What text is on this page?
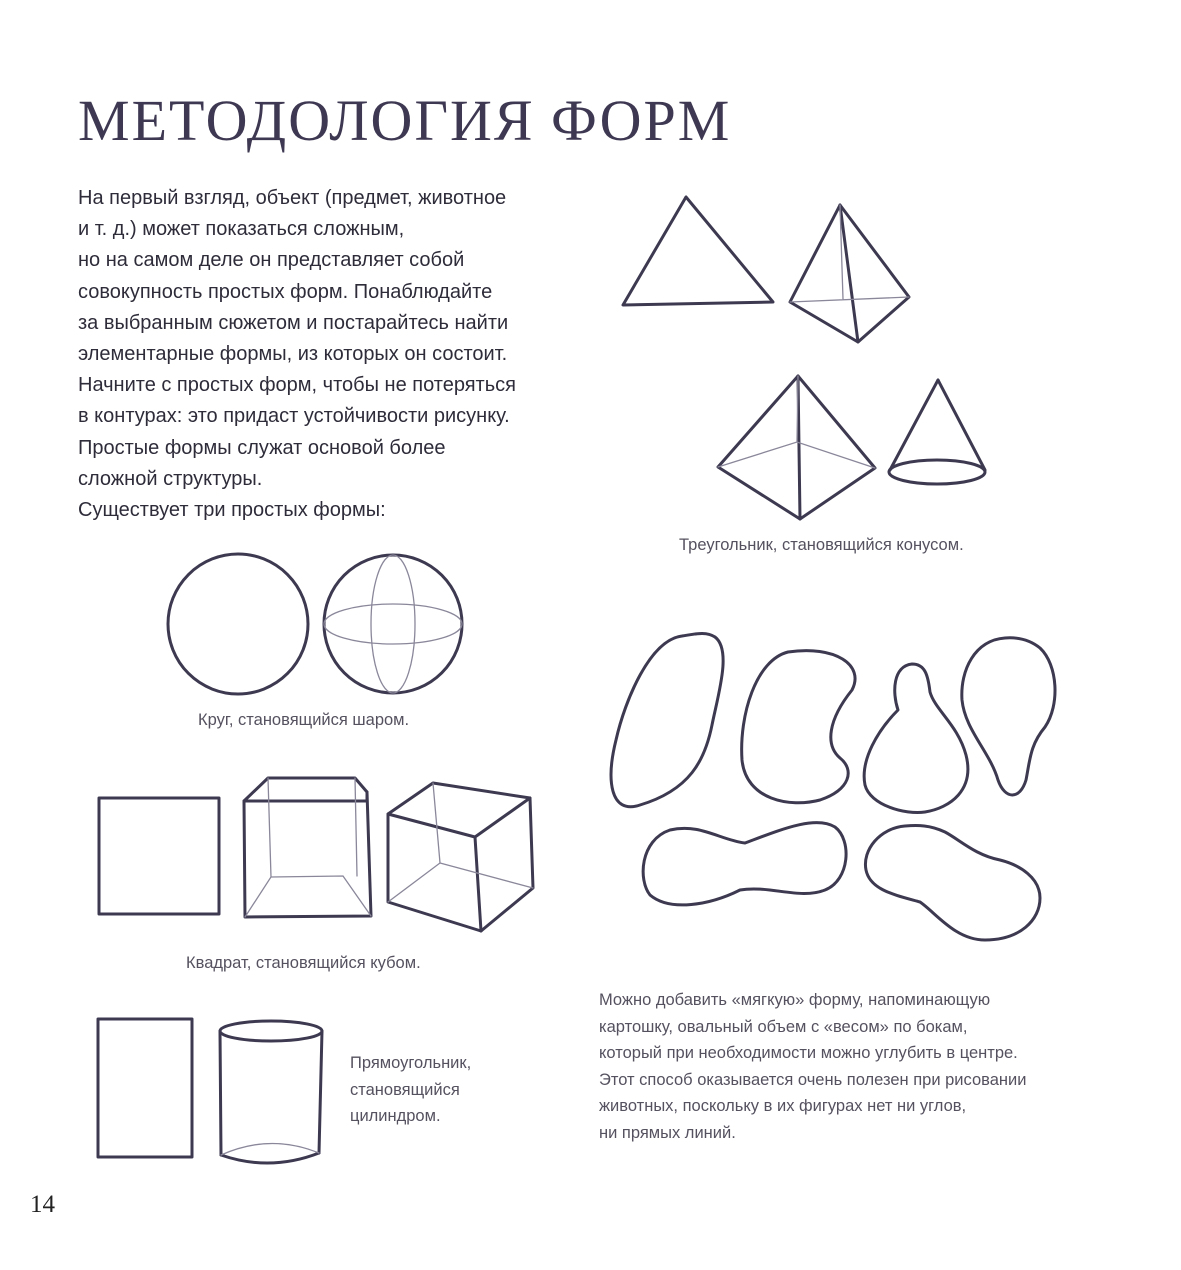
МЕТОДОЛОГИЯ ФОРМ
На первый взгляд, объект (предмет, животное
и т. д.) может показаться сложным,
но на самом деле он представляет собой
совокупность простых форм. Понаблюдайте
за выбранным сюжетом и постарайтесь найти
элементарные формы, из которых он состоит.
Начните с простых форм, чтобы не потеряться
в контурах: это придаст устойчивости рисунку.
Простые формы служат основой более
сложной структуры.
Существует три простых формы:
Треугольник, становящийся конусом.
Круг, становящийся шаром.
Квадрат, становящийся кубом.
Прямоугольник,
становящийся
цилиндром.
Можно добавить «мягкую» форму, напоминающую
картошку, овальный объем с «весом» по бокам,
который при необходимости можно углубить в центре.
Этот способ оказывается очень полезен при рисовании
животных, поскольку в их фигурах нет ни углов,
ни прямых линий.
14
